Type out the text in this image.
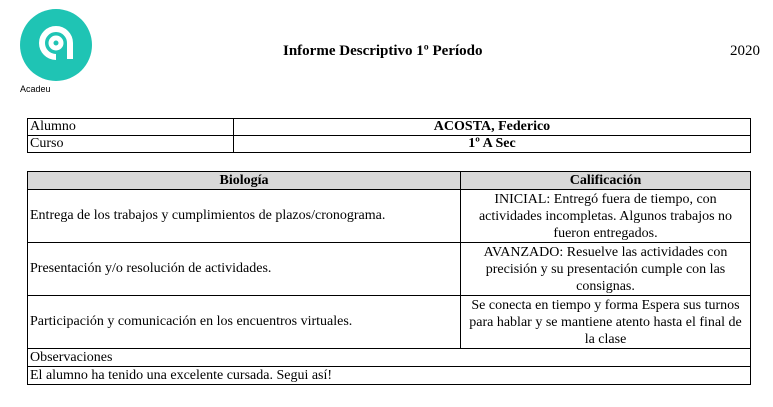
Acadeu
Informe Descriptivo 1º Período	2020
Alumno	ACOSTA, Federico
Curso	1º A Sec
Biología	Calificación
Entrega de los trabajos y cumplimientos de plazos/cronograma.	INICIAL: Entregó fuera de tiempo, con actividades incompletas. Algunos trabajos no fueron entregados.
Presentación y/o resolución de actividades.	AVANZADO: Resuelve las actividades con precisión y su presentación cumple con las consignas.
Participación y comunicación en los encuentros virtuales.	Se conecta en tiempo y forma Espera sus turnos para hablar y se mantiene atento hasta el final de la clase
Observaciones	
El alumno ha tenido una excelente cursada. Segui así!	
